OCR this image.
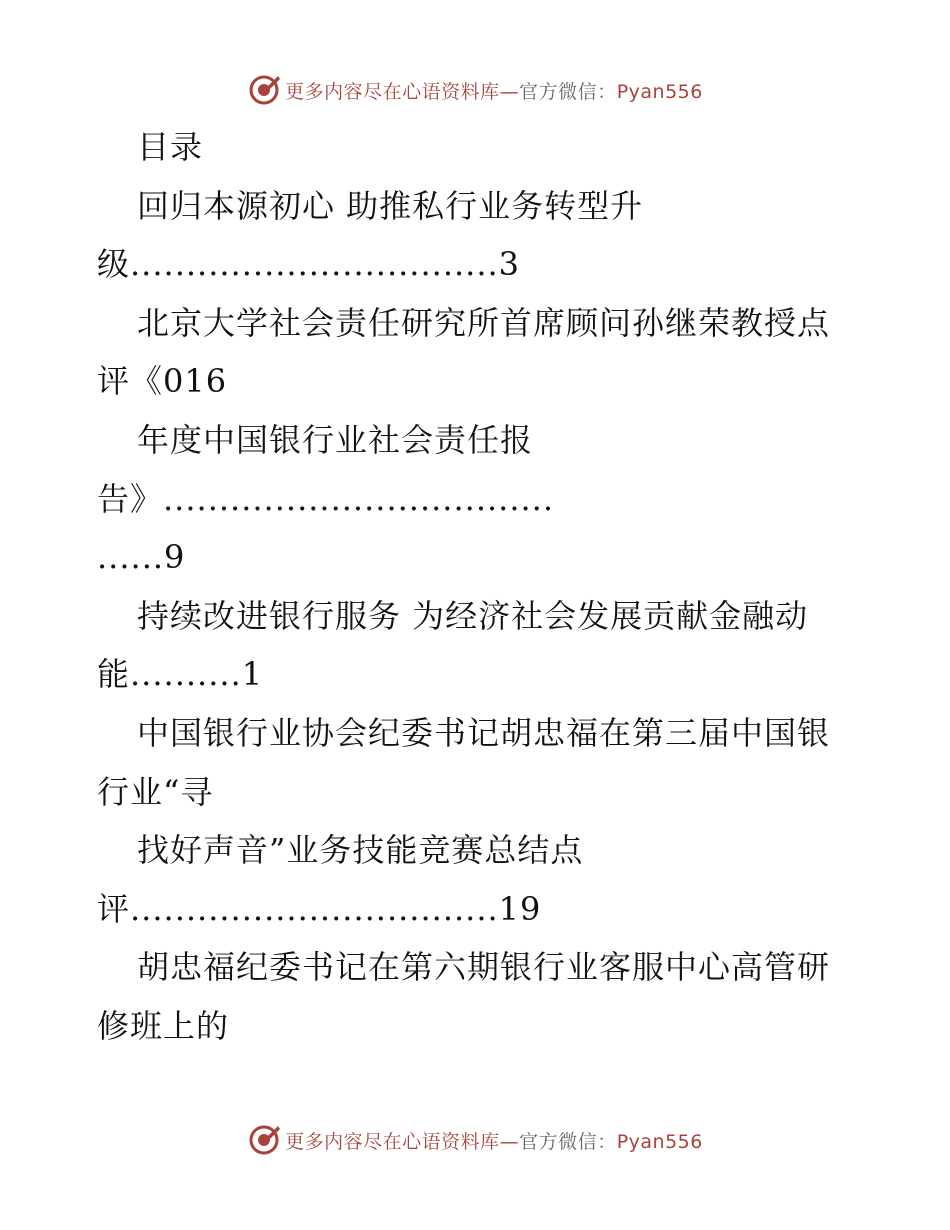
更多内容尽在心语资料库—官方微信：Pyan556
目录
回归本源初心 助推私行业务转型升
级.................................3
北京大学社会责任研究所首席顾问孙继荣教授点
评《016
年度中国银行业社会责任报
告》...................................
......9
持续改进银行服务 为经济社会发展贡献金融动
能..........1
中国银行业协会纪委书记胡忠福在第三届中国银
行业“寻
找好声音”业务技能竞赛总结点
评.................................19
胡忠福纪委书记在第六期银行业客服中心高管研
修班上的
更多内容尽在心语资料库—官方微信：Pyan556
